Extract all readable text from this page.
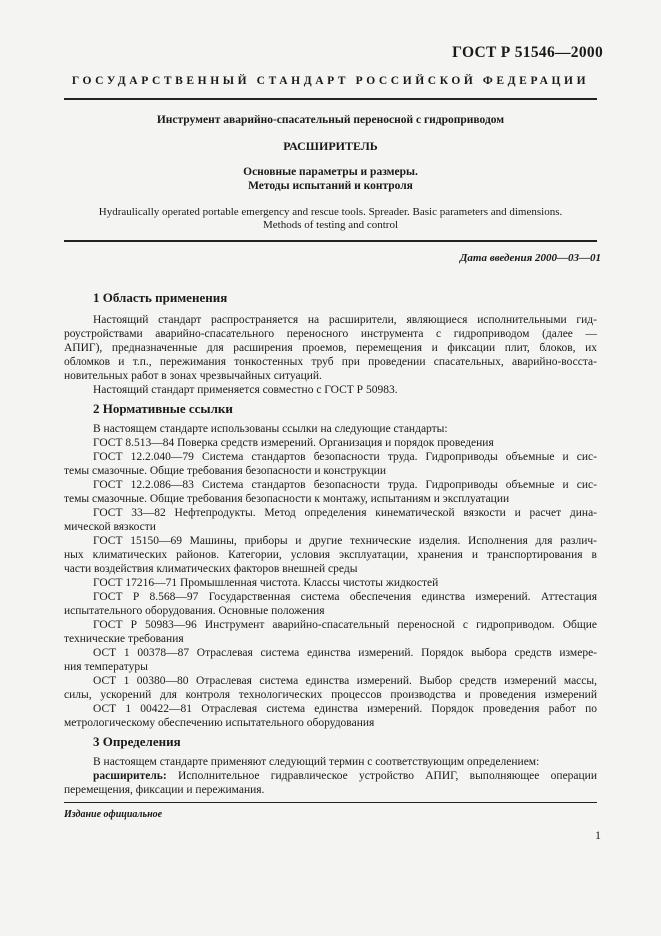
ГОСТ Р 51546—2000
ГОСУДАРСТВЕННЫЙ СТАНДАРТ РОССИЙСКОЙ ФЕДЕРАЦИИ
Инструмент аварийно-спасательный переносной с гидроприводом
РАСШИРИТЕЛЬ
Основные параметры и размеры.
Методы испытаний и контроля
Hydraulically operated portable emergency and rescue tools. Spreader. Basic parameters and dimensions.
Methods of testing and control
Дата введения 2000—03—01
1 Область применения
Настоящий стандарт распространяется на расширители, являющиеся исполнительными гид-
роустройствами аварийно-спасательного переносного инструмента с гидроприводом (далее —
АПИГ), предназначенные для расширения проемов, перемещения и фиксации плит, блоков, их
обломков и т.п., пережимания тонкостенных труб при проведении спасательных, аварийно-восста-
новительных работ в зонах чрезвычайных ситуаций.
Настоящий стандарт применяется совместно с ГОСТ Р 50983.
2 Нормативные ссылки
В настоящем стандарте использованы ссылки на следующие стандарты:
ГОСТ 8.513—84 Поверка средств измерений. Организация и порядок проведения
ГОСТ 12.2.040—79 Система стандартов безопасности труда. Гидроприводы объемные и сис-
темы смазочные. Общие требования безопасности и конструкции
ГОСТ 12.2.086—83 Система стандартов безопасности труда. Гидроприводы объемные и сис-
темы смазочные. Общие требования безопасности к монтажу, испытаниям и эксплуатации
ГОСТ 33—82 Нефтепродукты. Метод определения кинематической вязкости и расчет дина-
мической вязкости
ГОСТ 15150—69 Машины, приборы и другие технические изделия. Исполнения для различ-
ных климатических районов. Категории, условия эксплуатации, хранения и транспортирования в
части воздействия климатических факторов внешней среды
ГОСТ 17216—71 Промышленная чистота. Классы чистоты жидкостей
ГОСТ Р 8.568—97 Государственная система обеспечения единства измерений. Аттестация
испытательного оборудования. Основные положения
ГОСТ Р 50983—96 Инструмент аварийно-спасательный переносной с гидроприводом. Общие
технические требования
ОСТ 1 00378—87 Отраслевая система единства измерений. Порядок выбора средств измере-
ния температуры
ОСТ 1 00380—80 Отраслевая система единства измерений. Выбор средств измерений массы,
силы, ускорений для контроля технологических процессов производства и проведения измерений
ОСТ 1 00422—81 Отраслевая система единства измерений. Порядок проведения работ по
метрологическому обеспечению испытательного оборудования
3 Определения
В настоящем стандарте применяют следующий термин с соответствующим определением:
расширитель: Исполнительное гидравлическое устройство АПИГ, выполняющее операции
перемещения, фиксации и пережимания.
Издание официальное
1
